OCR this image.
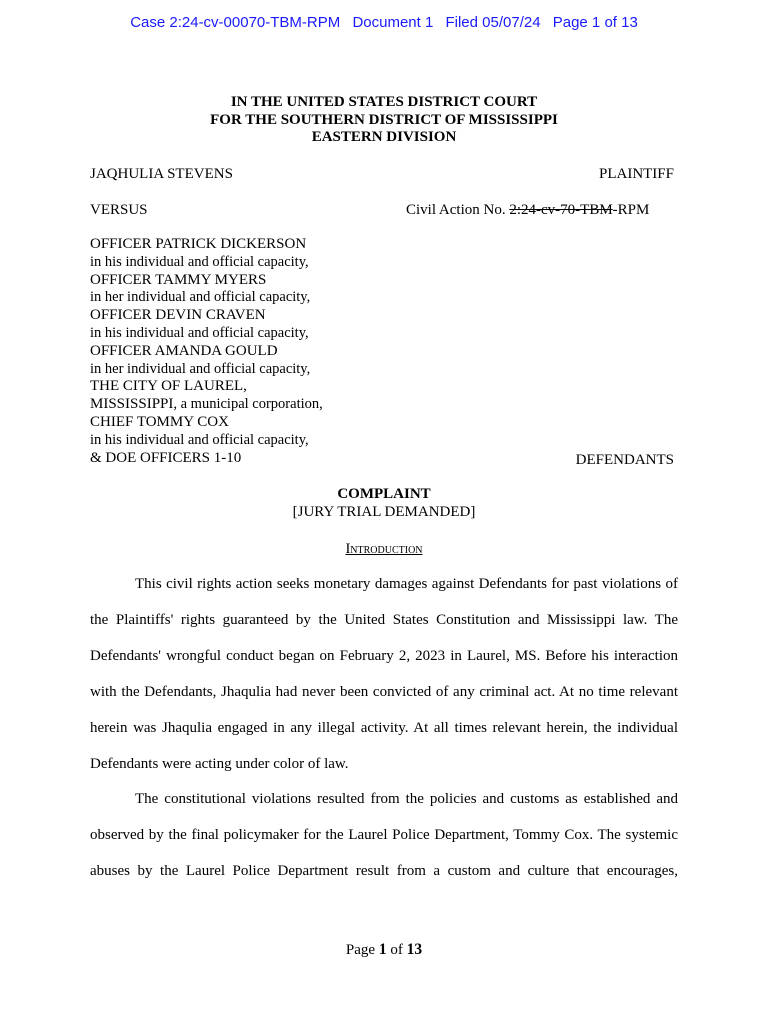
Case 2:24-cv-00070-TBM-RPM Document 1 Filed 05/07/24 Page 1 of 13
IN THE UNITED STATES DISTRICT COURT
FOR THE SOUTHERN DISTRICT OF MISSISSIPPI
EASTERN DIVISION
JAQHULIA STEVENS	PLAINTIFF
VERSUS	Civil Action No. 2:24-cv-70-TBM-RPM
OFFICER PATRICK DICKERSON
in his individual and official capacity,
OFFICER TAMMY MYERS
in her individual and official capacity,
OFFICER DEVIN CRAVEN
in his individual and official capacity,
OFFICER AMANDA GOULD
in her individual and official capacity,
THE CITY OF LAUREL,
MISSISSIPPI, a municipal corporation,
CHIEF TOMMY COX
in his individual and official capacity,
& DOE OFFICERS 1-10	DEFENDANTS
COMPLAINT
[JURY TRIAL DEMANDED]
Introduction
This civil rights action seeks monetary damages against Defendants for past violations of
the Plaintiffs' rights guaranteed by the United States Constitution and Mississippi law. The
Defendants' wrongful conduct began on February 2, 2023 in Laurel, MS. Before his interaction
with the Defendants, Jhaqulia had never been convicted of any criminal act. At no time relevant
herein was Jhaqulia engaged in any illegal activity. At all times relevant herein, the individual
Defendants were acting under color of law.
The constitutional violations resulted from the policies and customs as established and
observed by the final policymaker for the Laurel Police Department, Tommy Cox. The systemic
abuses by the Laurel Police Department result from a custom and culture that encourages,
Page 1 of 13
